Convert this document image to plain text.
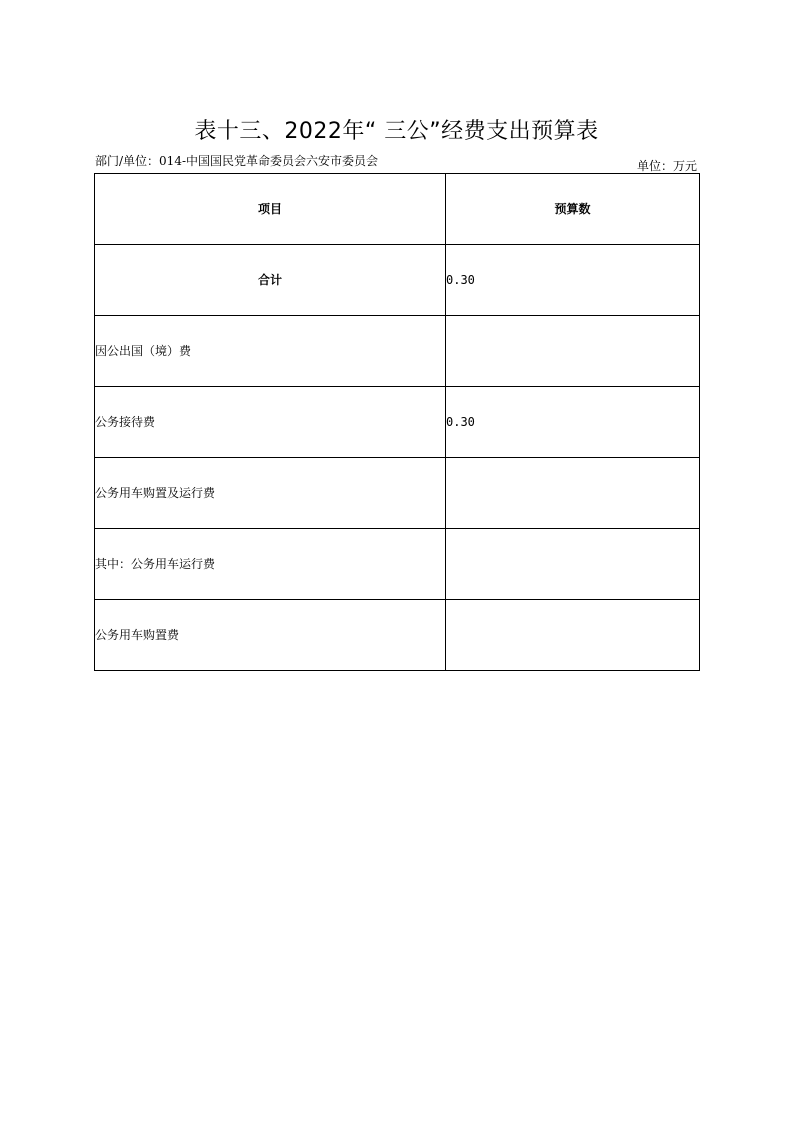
表十三、2022年“ 三公”经费支出预算表
部门/单位：014-中国国民党革命委员会六安市委员会	单位：万元
项目	预算数
合计	0.30
因公出国（境）费	
公务接待费	0.30
公务用车购置及运行费	
其中：公务用车运行费	
公务用车购置费	
